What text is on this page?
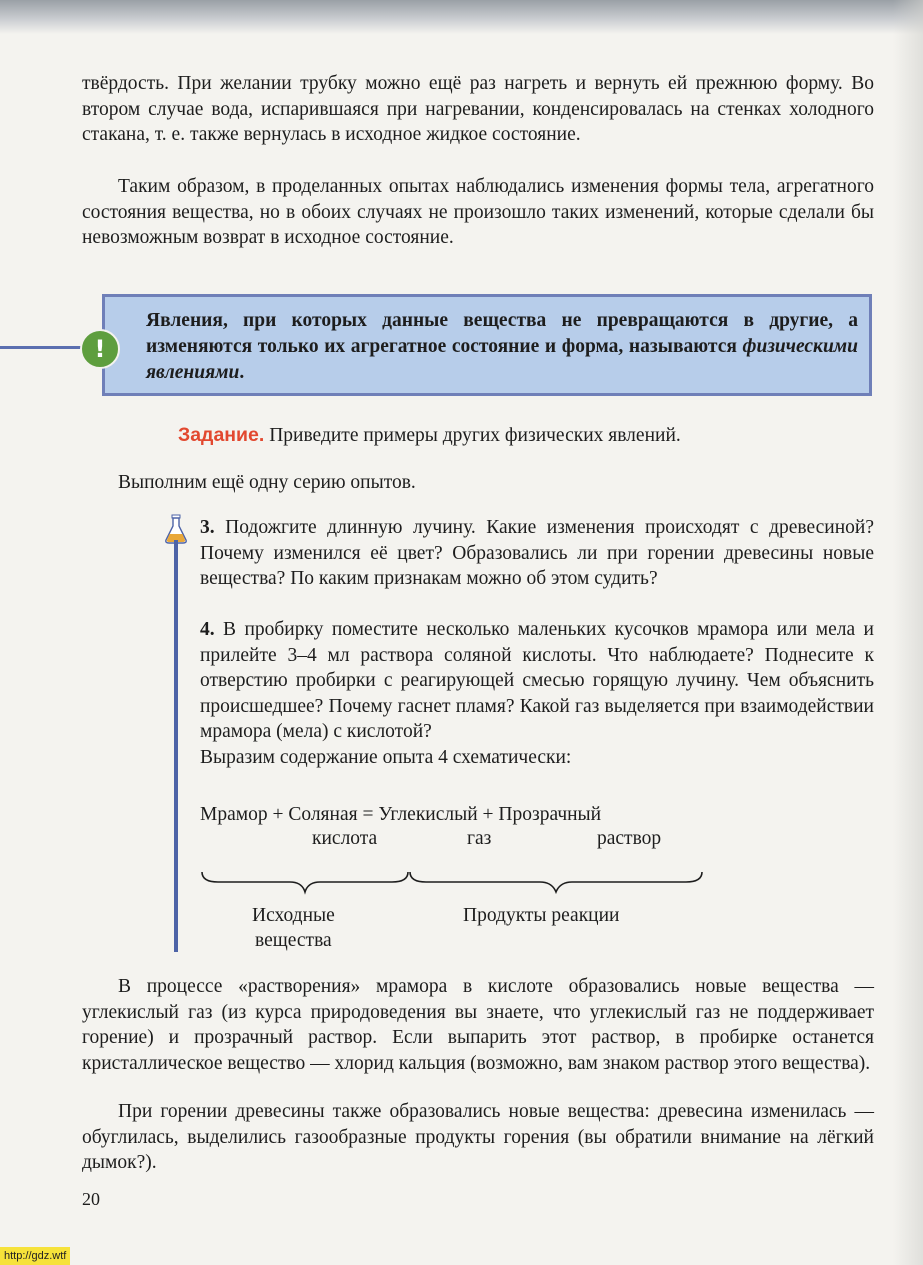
твёрдость. При желании трубку можно ещё раз нагреть и вернуть ей прежнюю форму. Во втором случае вода, испарившаяся при нагревании, конденсировалась на стенках холодного стакана, т. е. также вернулась в исходное жидкое состояние.

Таким образом, в проделанных опытах наблюдались изменения формы тела, агрегатного состояния вещества, но в обоих случаях не произошло таких изменений, которые сделали бы невозможным возврат в исходное состояние.

!

Явления, при которых данные вещества не превращаются в другие, а изменяются только их агрегатное состояние и форма, называются физическими явлениями.

Задание. Приведите примеры других физических явлений.

Выполним ещё одну серию опытов.

3. Подожгите длинную лучину. Какие изменения происходят с древесиной? Почему изменился её цвет? Образовались ли при горении древесины новые вещества? По каким признакам можно об этом судить?

4. В пробирку поместите несколько маленьких кусочков мрамора или мела и прилейте 3–4 мл раствора соляной кислоты. Что наблюдаете? Поднесите к отверстию пробирки с реагирующей смесью горящую лучину. Чем объяснить происшедшее? Почему гаснет пламя? Какой газ выделяется при взаимодействии мрамора (мела) с кислотой?

Выразим содержание опыта 4 схематически:

Мрамор + Соляная = Углекислый + Прозрачный
кислота	газ	раствор
Исходные
вещества
Продукты реакции

В процессе «растворения» мрамора в кислоте образовались новые вещества — углекислый газ (из курса природоведения вы знаете, что углекислый газ не поддерживает горение) и прозрачный раствор. Если выпарить этот раствор, в пробирке останется кристаллическое вещество — хлорид кальция (возможно, вам знаком раствор этого вещества).

При горении древесины также образовались новые вещества: древесина изменилась — обуглилась, выделились газообразные продукты горения (вы обратили внимание на лёгкий дымок?).

20
http://gdz.wtf
